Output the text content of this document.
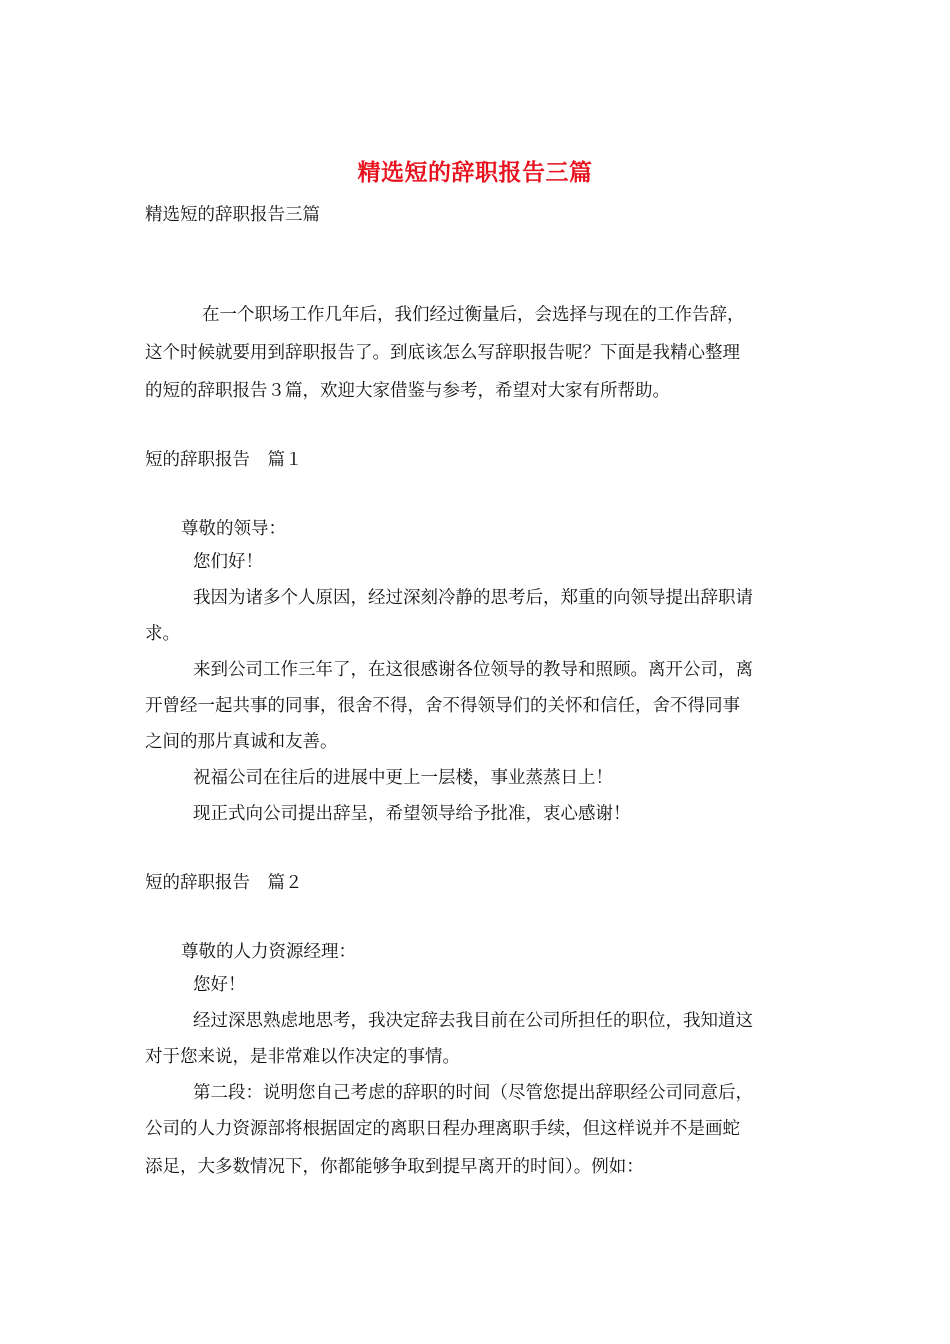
精选短的辞职报告三篇
精选短的辞职报告三篇
在一个职场工作几年后，我们经过衡量后，会选择与现在的工作告辞，
这个时候就要用到辞职报告了。到底该怎么写辞职报告呢？下面是我精心整理
的短的辞职报告３篇，欢迎大家借鉴与参考，希望对大家有所帮助。
短的辞职报告　篇１
尊敬的领导：
您们好！
我因为诸多个人原因，经过深刻冷静的思考后，郑重的向领导提出辞职请
求。
来到公司工作三年了，在这很感谢各位领导的教导和照顾。离开公司，离
开曾经一起共事的同事，很舍不得，舍不得领导们的关怀和信任，舍不得同事
之间的那片真诚和友善。
祝福公司在往后的进展中更上一层楼，事业蒸蒸日上！
现正式向公司提出辞呈，希望领导给予批准，衷心感谢！
短的辞职报告　篇２
尊敬的人力资源经理：
您好！
经过深思熟虑地思考，我决定辞去我目前在公司所担任的职位，我知道这
对于您来说，是非常难以作决定的事情。
第二段：说明您自己考虑的辞职的时间（尽管您提出辞职经公司同意后，
公司的人力资源部将根据固定的离职日程办理离职手续，但这样说并不是画蛇
添足，大多数情况下，你都能够争取到提早离开的时间）。例如：
